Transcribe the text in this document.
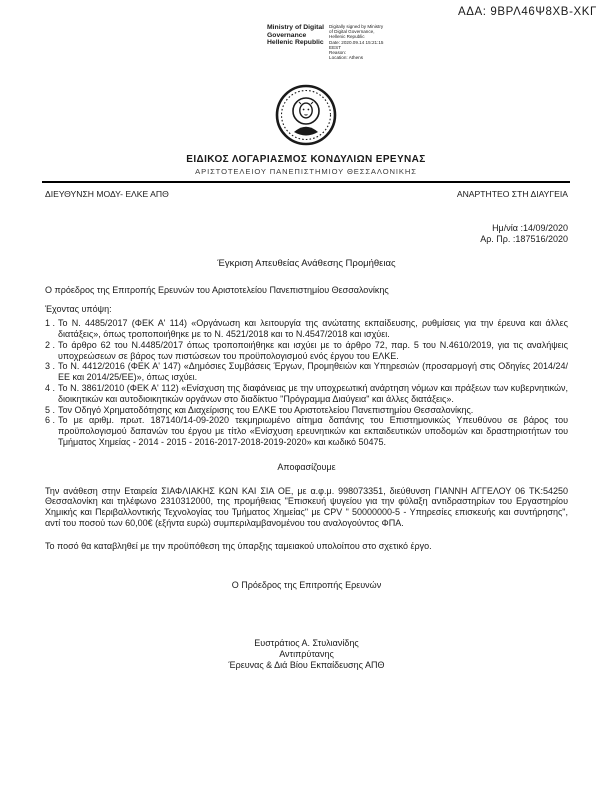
ΑΔΑ: 9ΒΡΛ46Ψ8ΧΒ-ΧΚΓ
Ministry of Digital
Governance
Hellenic Republic
Digitally signed by Ministry
of Digital Governance,
Hellenic Republic
Date: 2020.09.14 15:21:15
EEST
Reason:
Location: Athens
ΕΙΔΙΚΟΣ ΛΟΓΑΡΙΑΣΜΟΣ ΚΟΝΔΥΛΙΩΝ ΕΡΕΥΝΑΣ
ΑΡΙΣΤΟΤΕΛΕΙΟΥ ΠΑΝΕΠΙΣΤΗΜΙΟΥ ΘΕΣΣΑΛΟΝΙΚΗΣ
ΔΙΕΥΘΥΝΣΗ ΜΟΔΥ- ΕΛΚΕ ΑΠΘ	ΑΝΑΡΤΗΤΕΟ ΣΤΗ ΔΙΑΥΓΕΙΑ
Ημ/νία :14/09/2020
Αρ. Πρ. :187516/2020
Έγκριση Απευθείας Ανάθεσης Προμήθειας
Ο πρόεδρος της Επιτροπής Ερευνών του Αριστοτελείου Πανεπιστημίου Θεσσαλονίκης
Έχοντας υπόψη:
Το Ν. 4485/2017 (ΦΕΚ Α' 114) «Οργάνωση και λειτουργία της ανώτατης εκπαίδευσης, ρυθμίσεις για την έρευνα και άλλες διατάξεις», όπως τροποποιήθηκε με το Ν. 4521/2018 και το Ν.4547/2018 και ισχύει.
Το άρθρο 62 του Ν.4485/2017 όπως τροποποιήθηκε και ισχύει με το άρθρο 72, παρ. 5 του Ν.4610/2019, για τις αναλήψεις υποχρεώσεων σε βάρος των πιστώσεων του προϋπολογισμού ενός έργου του ΕΛΚΕ.
Το Ν. 4412/2016 (ΦΕΚ Α' 147) «Δημόσιες Συμβάσεις Έργων, Προμηθειών και Υπηρεσιών (προσαρμογή στις Οδηγίες 2014/24/ΕΕ και 2014/25/ΕΕ)», όπως ισχύει.
Το Ν. 3861/2010 (ΦΕΚ Α' 112) «Ενίσχυση της διαφάνειας με την υποχρεωτική ανάρτηση νόμων και πράξεων των κυβερνητικών, διοικητικών και αυτοδιοικητικών οργάνων στο διαδίκτυο "Πρόγραμμα Διαύγεια" και άλλες διατάξεις».
Τον Οδηγό Χρηματοδότησης και Διαχείρισης του ΕΛΚΕ του Αριστοτελείου Πανεπιστημίου Θεσσαλονίκης.
Το με αριθμ. πρωτ. 187140/14-09-2020 τεκμηριωμένο αίτημα δαπάνης του Επιστημονικώς Υπευθύνου σε βάρος του προϋπολογισμού δαπανών του έργου με τίτλο «Ενίσχυση ερευνητικών και εκπαιδευτικών υποδομών και δραστηριοτήτων του Τμήματος Χημείας - 2014 - 2015 - 2016-2017-2018-2019-2020» και κωδικό 50475.
Αποφασίζουμε
Την ανάθεση στην Εταιρεία ΣΙΑΦΛΙΑΚΗΣ ΚΩΝ ΚΑΙ ΣΙΑ ΟΕ, με α.φ.μ. 998073351, διεύθυνση ΓΙΑΝΝΗ ΑΓΓΕΛΟΥ 06 ΤΚ:54250 Θεσσαλονίκη και τηλέφωνο 2310312000, της προμήθειας "Επισκευή ψυγείου για την φύλαξη αντιδραστηρίων του Εργαστηρίου Χημικής και Περιβαλλοντικής Τεχνολογίας του Τμήματος Χημείας" με CPV " 50000000-5 - Υπηρεσίες επισκευής και συντήρησης", αντί του ποσού των 60,00€ (εξήντα ευρώ) συμπεριλαμβανομένου του αναλογούντος ΦΠΑ.
Το ποσό θα καταβληθεί με την προϋπόθεση της ύπαρξης ταμειακού υπολοίπου στο σχετικό έργο.
Ο Πρόεδρος της Επιτροπής Ερευνών
Ευστράτιος Α. Στυλιανίδης
Αντιπρύτανης
Έρευνας & Διά Βίου Εκπαίδευσης ΑΠΘ
